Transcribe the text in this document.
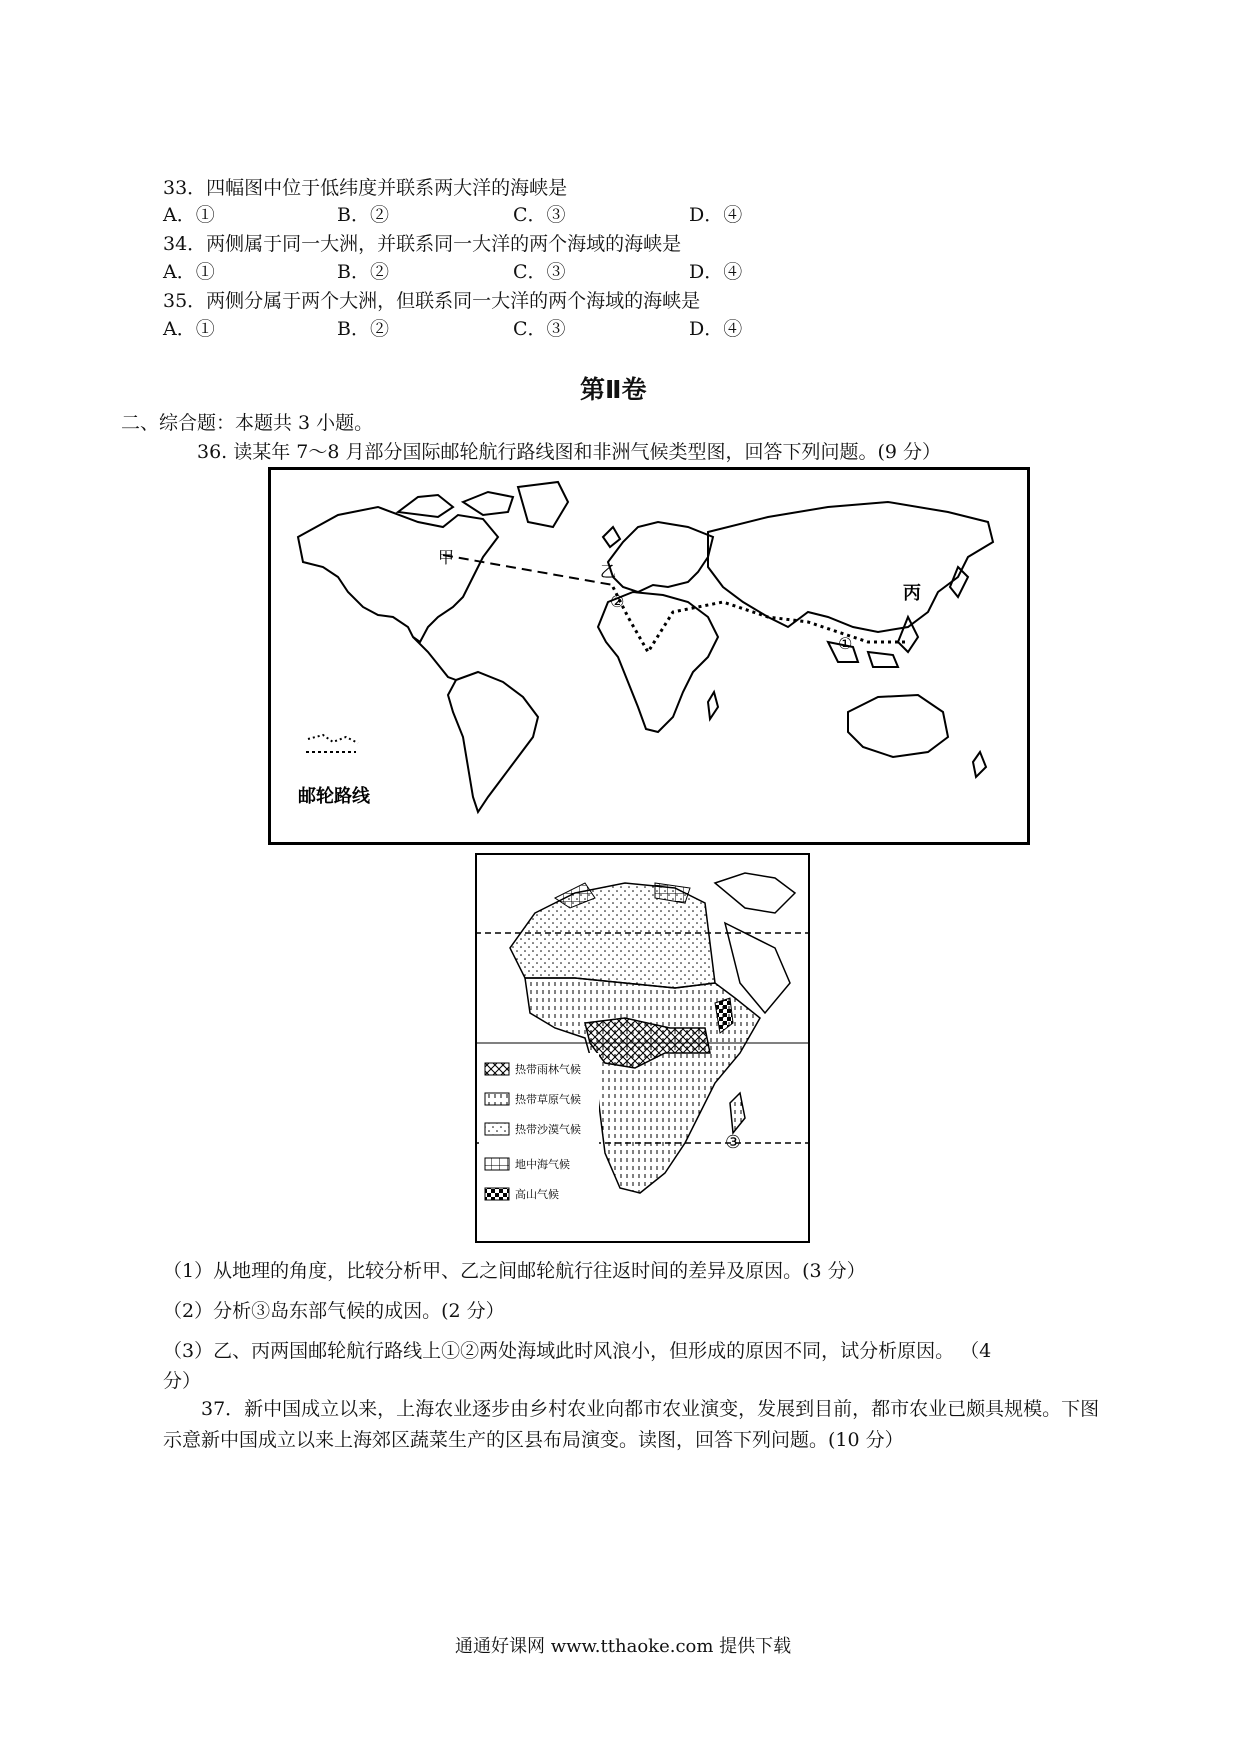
33．四幅图中位于低纬度并联系两大洋的海峡是
A．①	B．②	C．③	D．④
34．两侧属于同一大洲，并联系同一大洋的两个海域的海峡是
A．①	B．②	C．③	D．④
35．两侧分属于两个大洲，但联系同一大洋的两个海域的海峡是
A．①	B．②	C．③	D．④
第Ⅱ卷
二、综合题：本题共 3 小题。
36. 读某年 7～8 月部分国际邮轮航行路线图和非洲气候类型图，回答下列问题。(9 分）
甲
乙
丙
②
①
邮轮路线
③
热带雨林气候
热带草原气候
热带沙漠气候
地中海气候
高山气候
（1）从地理的角度，比较分析甲、乙之间邮轮航行往返时间的差异及原因。(3 分）
（2）分析③岛东部气候的成因。(2 分）
（3）乙、丙两国邮轮航行路线上①②两处海域此时风浪小，但形成的原因不同，试分析原因。 （4
分）
37．新中国成立以来，上海农业逐步由乡村农业向都市农业演变，发展到目前，都市农业已颇具规模。下图示意新中国成立以来上海郊区蔬菜生产的区县布局演变。读图，回答下列问题。(10 分）
通通好课网 www.tthaoke.com 提供下载
